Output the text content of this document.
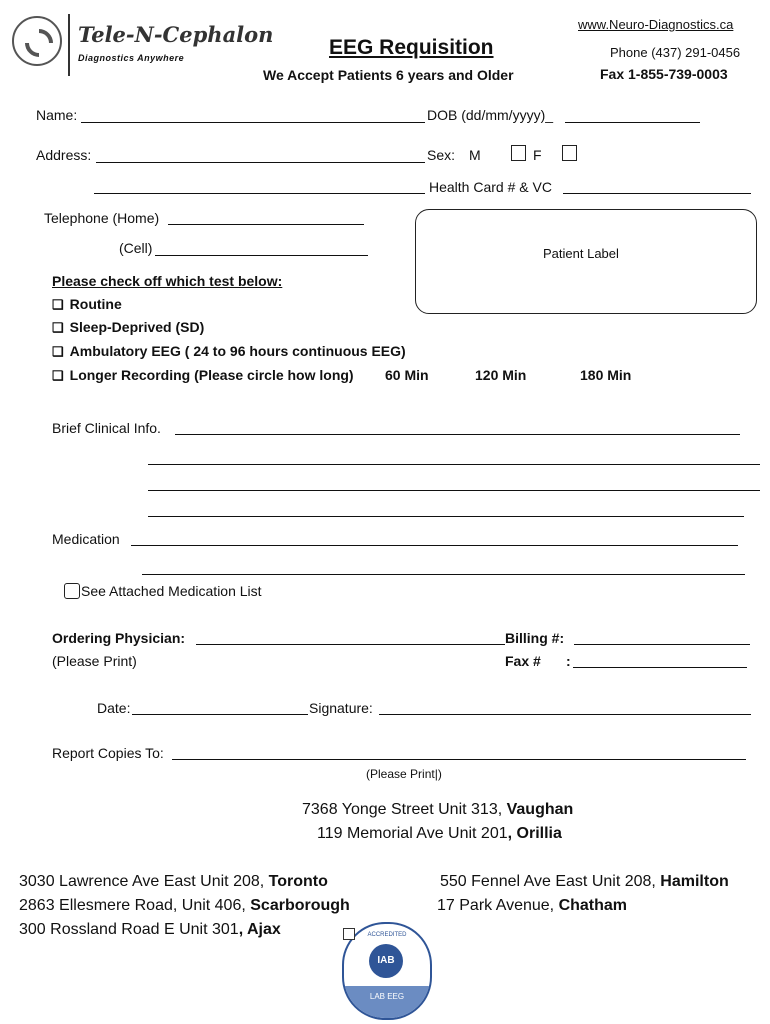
Tele-N-Cephalon
Diagnostics Anywhere	EEG Requisition
We Accept Patients 6 years and Older
www.Neuro-Diagnostics.ca
Phone (437) 291-0456
Fax 1-855-739-0003
Name:	DOB (dd/mm/yyyy)_
Address:	Sex: M	F
Health Card # & VC
Telephone (Home)
(Cell)	Patient Label
Please check off which test below:
❏ Routine
❏ Sleep-Deprived (SD)
❏ Ambulatory EEG ( 24 to 96 hours continuous EEG)
❏ Longer Recording (Please circle how long) 60 Min	120 Min	180 Min
Brief Clinical Info.
Medication
See Attached Medication List
Ordering Physician:	Billing #:
(Please Print)	Fax # :
Date:	Signature:
Report Copies To:
(Please Print|)
7368 Yonge Street Unit 313, Vaughan
119 Memorial Ave Unit 201, Orillia
3030 Lawrence Ave East Unit 208, Toronto
2863 Ellesmere Road, Unit 406, Scarborough
300 Rossland Road E Unit 301, Ajax
550 Fennel Ave East Unit 208, Hamilton
17 Park Avenue, Chatham
ACCREDITED
IAB
LAB EEG
